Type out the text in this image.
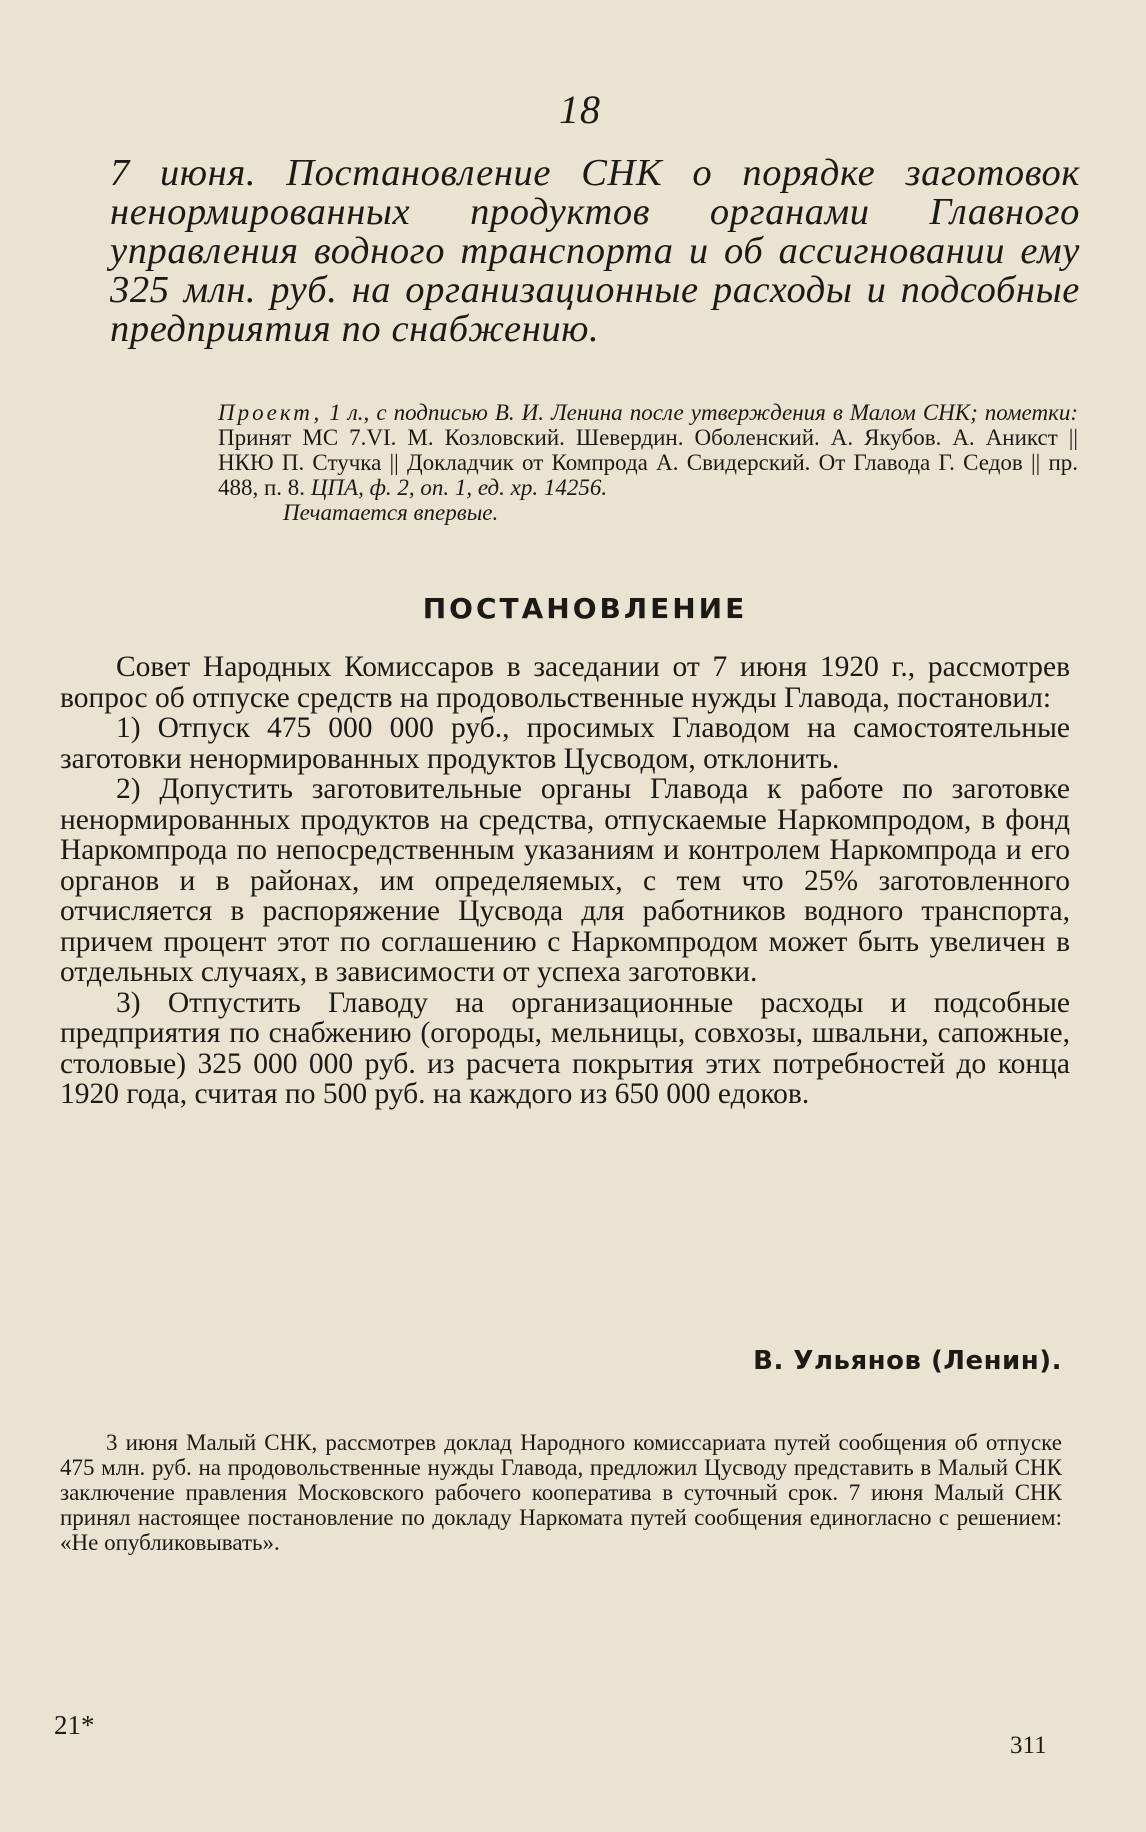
18
7 июня. Постановление СНК о порядке заготовок ненормированных продуктов органами Главного управления водного транспорта и об ассигновании ему 325 млн. руб. на организационные расходы и подсобные предприятия по снабжению.
Проект, 1 л., с подписью В. И. Ленина после утверждения в Малом СНК; пометки: Принят МС 7.VI. М. Козловский. Шевердин. Оболенский. А. Якубов. А. Аникст || НКЮ П. Стучка || Докладчик от Компрода А. Свидерский. От Главода Г. Седов || пр. 488, п. 8. ЦПА, ф. 2, оп. 1, ед. хр. 14256.
Печатается впервые.
ПОСТАНОВЛЕНИЕ

Совет Народных Комиссаров в заседании от 7 июня 1920 г., рассмотрев вопрос об отпуске средств на продовольственные нужды Главода, постановил:

1) Отпуск 475 000 000 руб., просимых Главодом на самостоятельные заготовки ненормированных продуктов Цусводом, отклонить.

2) Допустить заготовительные органы Главода к работе по заготовке ненормированных продуктов на средства, отпускаемые Наркомпродом, в фонд Наркомпрода по непосредственным указаниям и контролем Наркомпрода и его органов и в районах, им определяемых, с тем что 25% заготовленного отчисляется в распоряжение Цусвода для работников водного транспорта, причем процент этот по соглашению с Наркомпродом может быть увеличен в отдельных случаях, в зависимости от успеха заготовки.

3) Отпустить Главоду на организационные расходы и подсобные предприятия по снабжению (огороды, мельницы, совхозы, швальни, сапожные, столовые) 325 000 000 руб. из расчета покрытия этих потребностей до конца 1920 года, считая по 500 руб. на каждого из 650 000 едоков.

В. Ульянов (Ленин).

3 июня Малый СНК, рассмотрев доклад Народного комиссариата путей сообщения об отпуске 475 млн. руб. на продовольственные нужды Главода, предложил Цусводу представить в Малый СНК заключение правления Московского рабочего кооператива в суточный срок. 7 июня Малый СНК принял настоящее постановление по докладу Наркомата путей сообщения единогласно с решением: «Не опубликовывать».

21*
311
